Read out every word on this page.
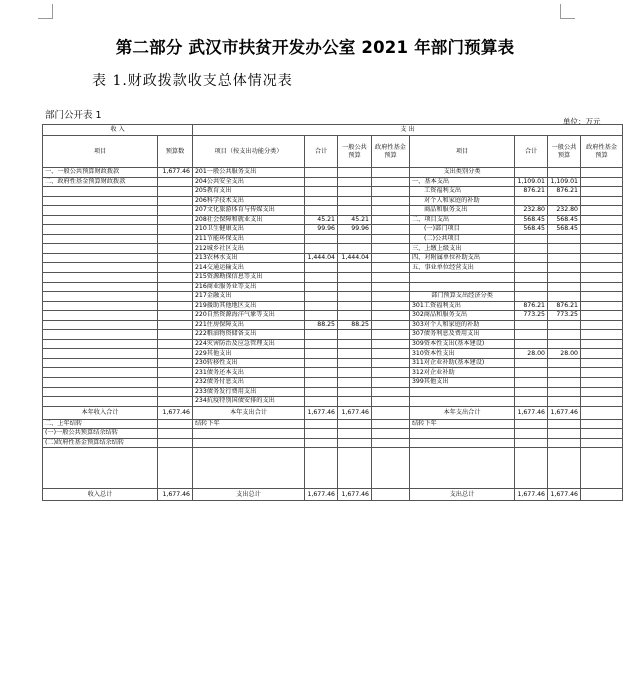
第二部分 武汉市扶贫开发办公室 2021 年部门预算表
表 1.财政拨款收支总体情况表
部门公开表 1
单位：万元
收 入		支 出							
项目	预算数	项目（按支出功能分类）	合计	一般公共预算	政府性基金预算	项目	合计	一般公共预算	政府性基金预算
一、一般公共预算财政拨款	1,677.46	201一般公共服务支出				支出类别分类			
二、政府性基金预算财政拨款		204公共安全支出				一、基本支出	1,109.01	1,109.01	
		205教育支出				工资福利支出	876.21	876.21	
		206科学技术支出				对个人和家庭的补助			
		207文化旅游体育与传媒支出				商品和服务支出	232.80	232.80	
		208社会保障和就业支出	45.21	45.21		二、项目支出	568.45	568.45	
		210卫生健康支出	99.96	99.96		(一)部门项目	568.45	568.45	
		211节能环保支出				(二)公共项目			
		212城乡社区支出				三、上缴上级支出			
		213农林水支出	1,444.04	1,444.04		四、对附属单位补助支出			
		214交通运输支出				五、事业单位经营支出			
		215资源勘探信息等支出							
		216商业服务业等支出							
		217金融支出				部门预算支出经济分类			
		219援助其他地区支出				301工资福利支出	876.21	876.21	
		220自然资源海洋气象等支出				302商品和服务支出	773.25	773.25	
		221住房保障支出	88.25	88.25		303对个人和家庭的补助			
		222粮油物资储备支出				307债务利息及费用支出			
		224灾害防治及应急管理支出				309资本性支出(基本建设)			
		229其他支出				310资本性支出	28.00	28.00	
		230转移性支出				311对企业补助(基本建设)			
		231债务还本支出				312对企业补助			
		232债务付息支出				399其他支出			
		233债务发行费用支出							
		234抗疫特别国债安排的支出							
本年收入合计	1,677.46	本年支出合计	1,677.46	1,677.46		本年支出合计	1,677.46	1,677.46	
二、上年结转		结转下年				结转下年			
(一)一般公共预算结余结转									
(二)政府性基金预算结余结转									

收入总计	1,677.46	支出总计	1,677.46	1,677.46		支出总计	1,677.46	1,677.46	
